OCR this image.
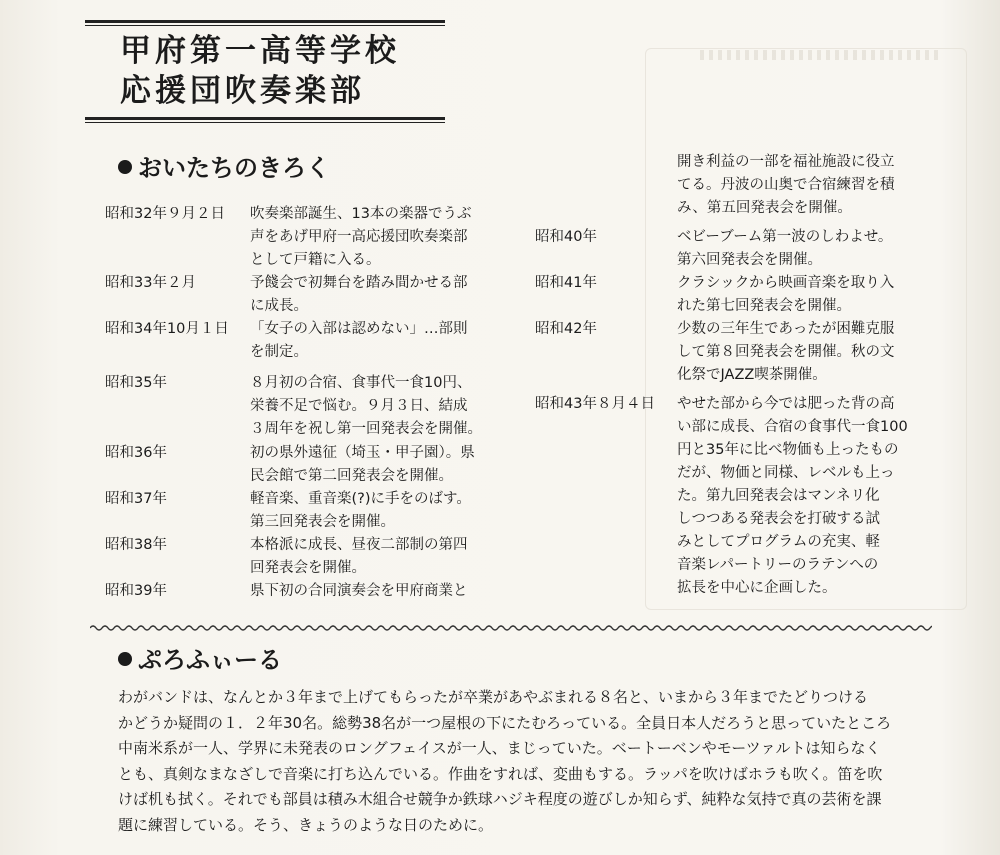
甲府第一高等学校
応援団吹奏楽部
おいたちのきろく
昭和32年９月２日 吹奏楽部誕生、13本の楽器でうぶ
声をあげ甲府一高応援団吹奏楽部
として戸籍に入る。
昭和33年２月	予餞会で初舞台を踏み間かせる部
に成長。
昭和34年10月１日 「女子の入部は認めない」…部則
を制定。
昭和35年	８月初の合宿、食事代一食10円、
栄養不足で悩む。９月３日、結成
３周年を祝し第一回発表会を開催。
昭和36年	初の県外遠征（埼玉・甲子園）。県
民会館で第二回発表会を開催。
昭和37年	軽音楽、重音楽(?)に手をのばす。
第三回発表会を開催。
昭和38年	本格派に成長、昼夜二部制の第四
回発表会を開催。
昭和39年	県下初の合同演奏会を甲府商業と
開き利益の一部を福祉施設に役立
てる。丹波の山奥で合宿練習を積
み、第五回発表会を開催。
昭和40年	ベビーブーム第一波のしわよせ。
第六回発表会を開催。
昭和41年	クラシックから映画音楽を取り入
れた第七回発表会を開催。
昭和42年	少数の三年生であったが困難克服
して第８回発表会を開催。秋の文
化祭でJAZZ喫茶開催。
昭和43年８月４日 やせた部から今では肥った背の高
い部に成長、合宿の食事代一食100
円と35年に比べ物価も上ったもの
だが、物価と同様、レベルも上っ
た。第九回発表会はマンネリ化
しつつある発表会を打破する試
みとしてプログラムの充実、軽
音楽レパートリーのラテンへの
拡長を中心に企画した。
ぷろふぃーる
わがバンドは、なんとか３年まで上げてもらったが卒業があやぶまれる８名と、いまから３年までたどりつける
かどうか疑問の１．２年30名。総勢38名が一つ屋根の下にたむろっている。全員日本人だろうと思っていたところ
中南米系が一人、学界に未発表のロングフェイスが一人、まじっていた。ベートーベンやモーツァルトは知らなく
とも、真剣なまなざしで音楽に打ち込んでいる。作曲をすれば、変曲もする。ラッパを吹けばホラも吹く。笛を吹
けば机も拭く。それでも部員は積み木組合せ競争か鉄球ハジキ程度の遊びしか知らず、純粋な気持で真の芸術を課
題に練習している。そう、きょうのような日のために。
